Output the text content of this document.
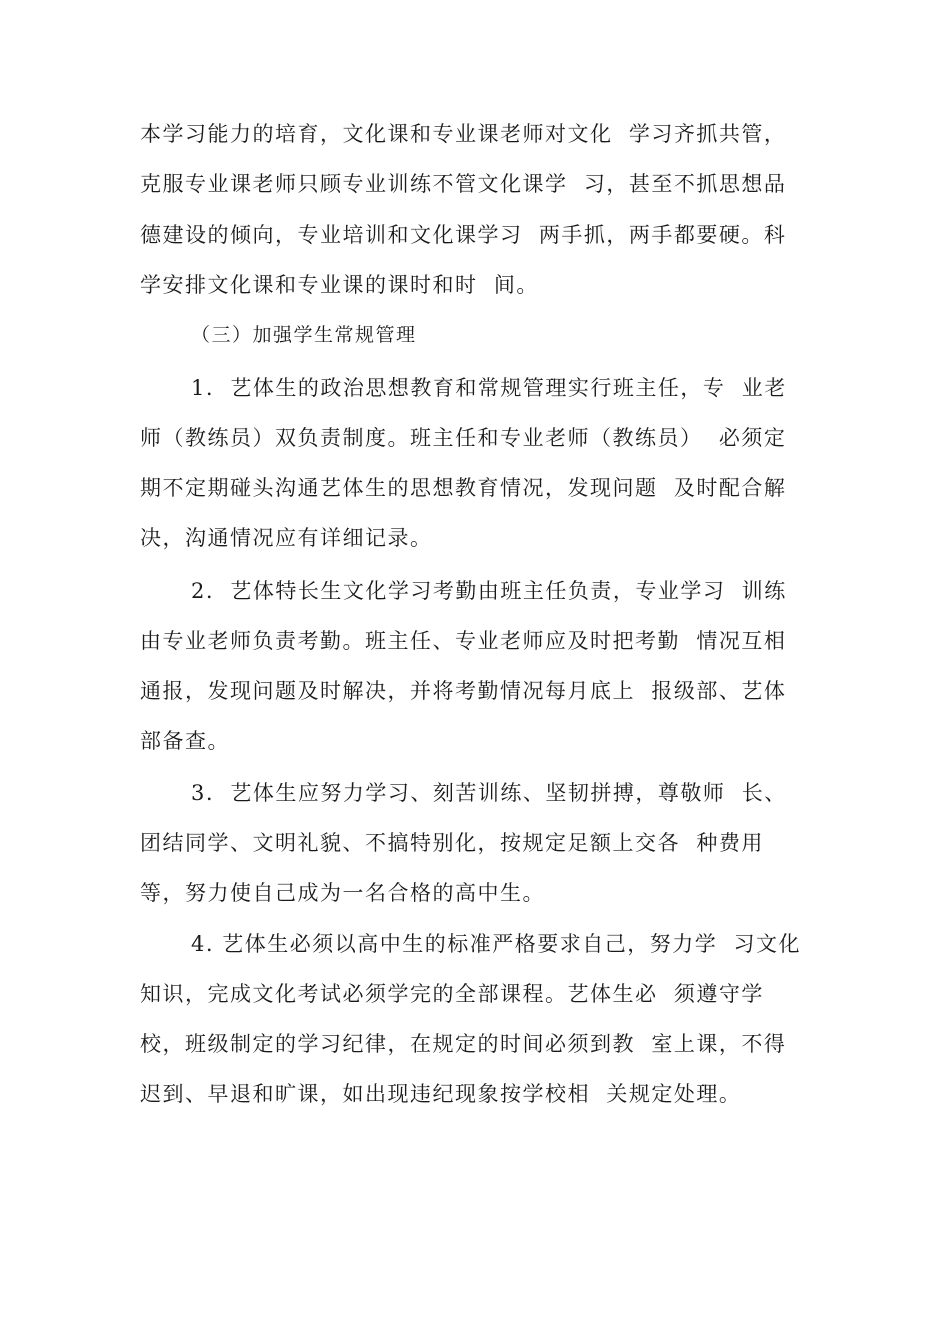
本学习能力的培育，文化课和专业课老师对文化  学习齐抓共管，
克服专业课老师只顾专业训练不管文化课学  习，甚至不抓思想品
德建设的倾向，专业培训和文化课学习  两手抓，两手都要硬。科
学安排文化课和专业课的课时和时  间。
（三）加强学生常规管理
1.  艺体生的政治思想教育和常规管理实行班主任，专  业老
师（教练员）双负责制度。班主任和专业老师（教练员）  必须定
期不定期碰头沟通艺体生的思想教育情况，发现问题  及时配合解
决，沟通情况应有详细记录。
2.  艺体特长生文化学习考勤由班主任负责，专业学习  训练
由专业老师负责考勤。班主任、专业老师应及时把考勤  情况互相
通报，发现问题及时解决，并将考勤情况每月底上  报级部、艺体
部备查。
3.  艺体生应努力学习、刻苦训练、坚韧拼搏，尊敬师  长、
团结同学、文明礼貌、不搞特别化，按规定足额上交各  种费用
等，努力使自己成为一名合格的高中生。
4. 艺体生必须以高中生的标准严格要求自己，努力学  习文化
知识，完成文化考试必须学完的全部课程。艺体生必  须遵守学
校，班级制定的学习纪律，在规定的时间必须到教  室上课，不得
迟到、早退和旷课，如出现违纪现象按学校相  关规定处理。
